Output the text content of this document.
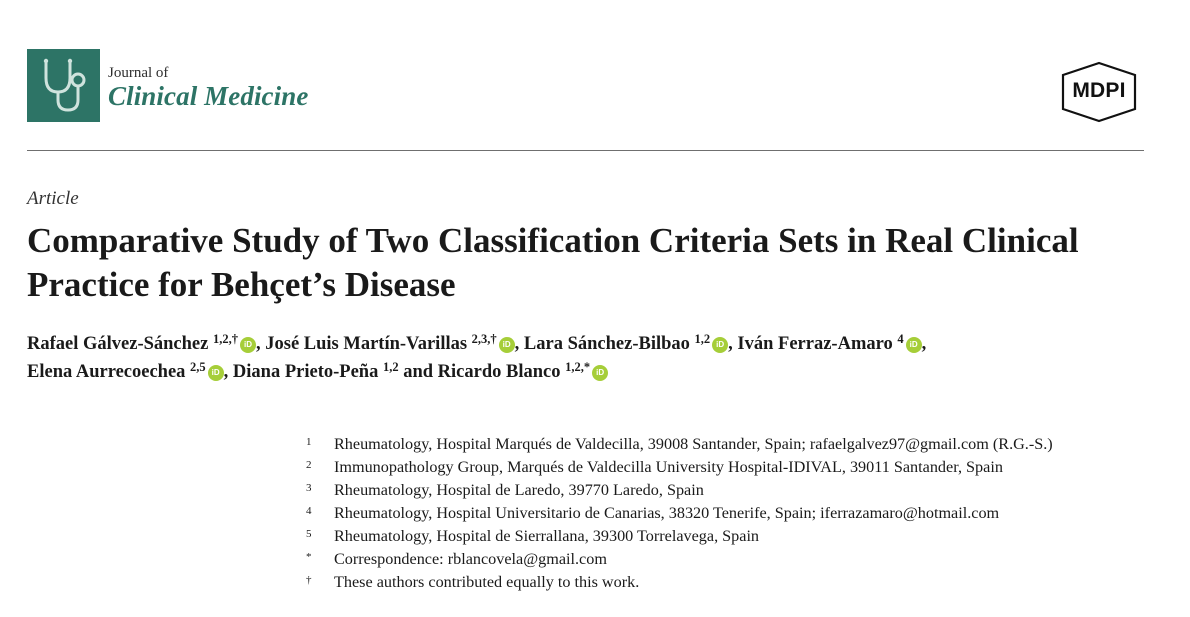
Journal of
Clinical Medicine	MDPI
Article
Comparative Study of Two Classification Criteria Sets in Real Clinical Practice for Behçet’s Disease
Rafael Gálvez-Sánchez $^{1,2,\dagger}$ iD , José Luis Martín-Varillas $^{2,3,\dagger}$ iD , Lara Sánchez-Bilbao $^{1,2}$ iD , Iván Ferraz-Amaro $^4$ iD ,
Elena Aurrecoechea $^{2,5}$ iD , Diana Prieto-Peña $^{1,2}$ and Ricardo Blanco $^{1,2,*}$ iD
1	Rheumatology, Hospital Marqués de Valdecilla, 39008 Santander, Spain; rafaelgalvez97@gmail.com (R.G.-S.)
2	Immunopathology Group, Marqués de Valdecilla University Hospital-IDIVAL, 39011 Santander, Spain
3	Rheumatology, Hospital de Laredo, 39770 Laredo, Spain
4	Rheumatology, Hospital Universitario de Canarias, 38320 Tenerife, Spain; iferrazamaro@hotmail.com
5	Rheumatology, Hospital de Sierrallana, 39300 Torrelavega, Spain
*	Correspondence: rblancovela@gmail.com
†	These authors contributed equally to this work.
